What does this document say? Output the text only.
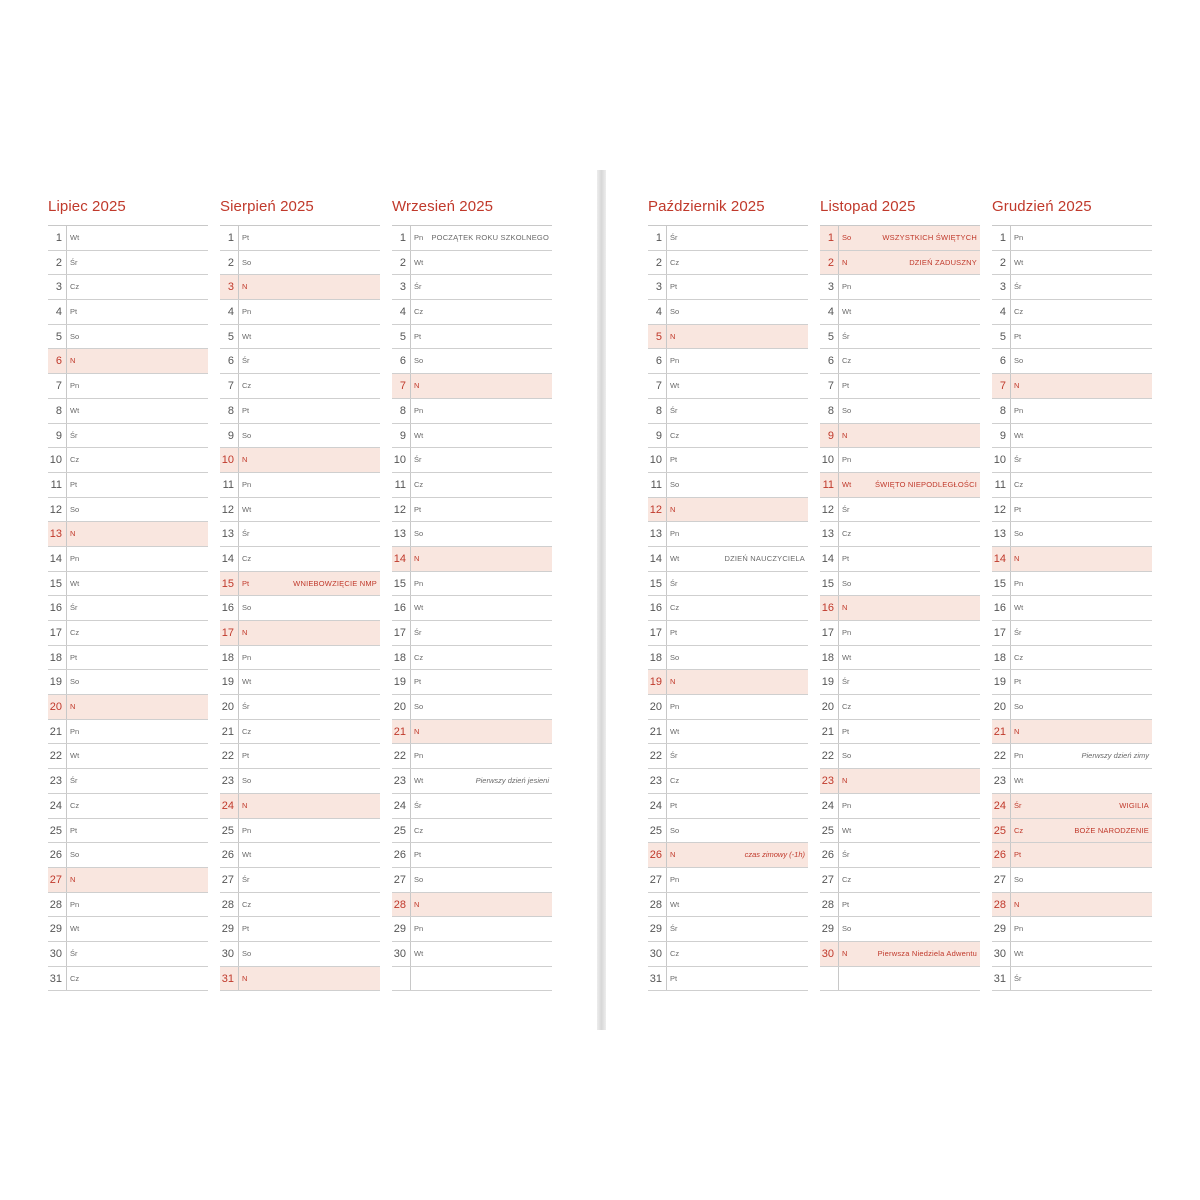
Lipiec 2025
1 Wt
2 Śr
3 Cz
4 Pt
5 So
6 N
7 Pn
8 Wt
9 Śr
10 Cz
11 Pt
12 So
13 N
14 Pn
15 Wt
16 Śr
17 Cz
18 Pt
19 So
20 N
21 Pn
22 Wt
23 Śr
24 Cz
25 Pt
26 So
27 N
28 Pn
29 Wt
30 Śr
31 Cz
Sierpień 2025
1 Pt
2 So
3 N
4 Pn
5 Wt
6 Śr
7 Cz
8 Pt
9 So
10 N
11 Pn
12 Wt
13 Śr
14 Cz
15 Pt	WNIEBOWZIĘCIE NMP
16 So
17 N
18 Pn
19 Wt
20 Śr
21 Cz
22 Pt
23 So
24 N
25 Pn
26 Wt
27 Śr
28 Cz
29 Pt
30 So
31 N
Wrzesień 2025
1 Pn POCZĄTEK ROKU SZKOLNEGO
2 Wt
3 Śr
4 Cz
5 Pt
6 So
7 N
8 Pn
9 Wt
10 Śr
11 Cz
12 Pt
13 So
14 N
15 Pn
16 Wt
17 Śr
18 Cz
19 Pt
20 So
21 N
22 Pn
23 Wt	Pierwszy dzień jesieni
24 Śr
25 Cz
26 Pt
27 So
28 N
29 Pn
30 Wt
Październik 2025
1 Śr
2 Cz
3 Pt
4 So
5 N
6 Pn
7 Wt
8 Śr
9 Cz
10 Pt
11 So
12 N
13 Pn
14 Wt	DZIEŃ NAUCZYCIELA
15 Śr
16 Cz
17 Pt
18 So
19 N
20 Pn
21 Wt
22 Śr
23 Cz
24 Pt
25 So
26 N	czas zimowy (-1h)
27 Pn
28 Wt
29 Śr
30 Cz
31 Pt
Listopad 2025
1 So	WSZYSTKICH ŚWIĘTYCH
2 N	DZIEŃ ZADUSZNY
3 Pn
4 Wt
5 Śr
6 Cz
7 Pt
8 So
9 N
10 Pn
11 Wt	ŚWIĘTO NIEPODLEGŁOŚCI
12 Śr
13 Cz
14 Pt
15 So
16 N
17 Pn
18 Wt
19 Śr
20 Cz
21 Pt
22 So
23 N
24 Pn
25 Wt
26 Śr
27 Cz
28 Pt
29 So
30 N	Pierwsza Niedziela Adwentu
Grudzień 2025
1 Pn
2 Wt
3 Śr
4 Cz
5 Pt
6 So
7 N
8 Pn
9 Wt
10 Śr
11 Cz
12 Pt
13 So
14 N
15 Pn
16 Wt
17 Śr
18 Cz
19 Pt
20 So
21 N
22 Pn	Pierwszy dzień zimy
23 Wt
24 Śr	WIGILIA
25 Cz	BOŻE NARODZENIE
26 Pt
27 So
28 N
29 Pn
30 Wt
31 Śr
